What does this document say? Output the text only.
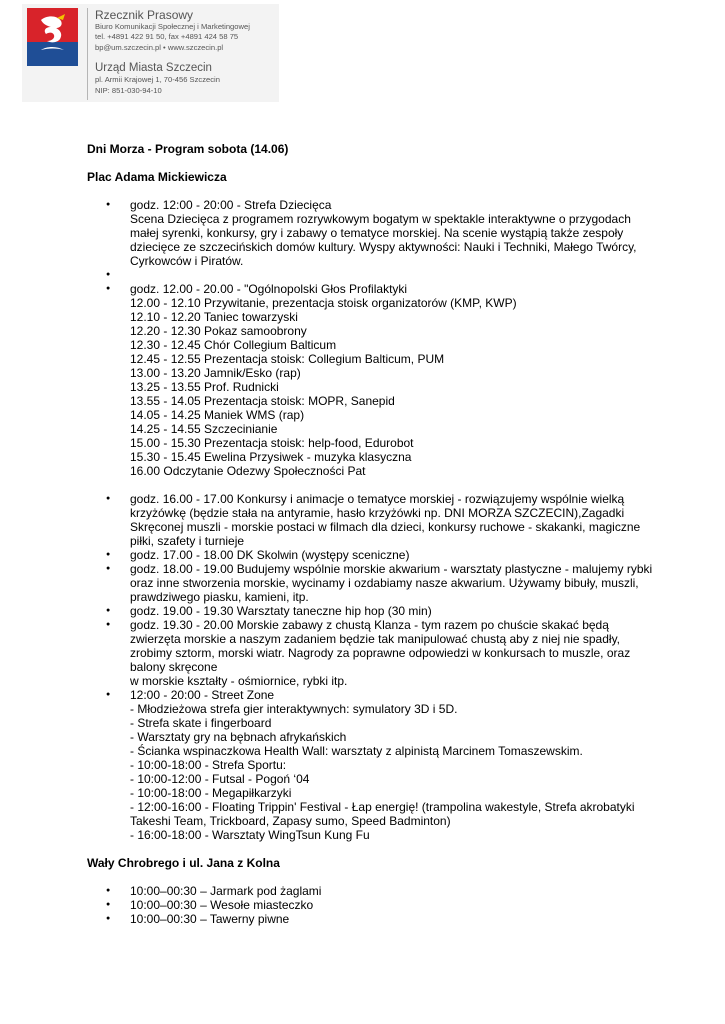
Rzecznik Prasowy
Biuro Komunikacji Społecznej i Marketingowej
tel. +4891 422 91 50, fax +4891 424 58 75
bp@um.szczecin.pl • www.szczecin.pl
Urząd Miasta Szczecin
pl. Armii Krajowej 1, 70-456 Szczecin
NIP: 851-030-94-10

Dni Morza - Program sobota (14.06)

Plac Adama Mickiewicza

● godz. 12:00 - 20:00 - Strefa Dziecięca
Scena Dziecięca z programem rozrywkowym bogatym w spektakle interaktywne o przygodach małej syrenki, konkursy, gry i zabawy o tematyce morskiej. Na scenie wystąpią także zespoły dziecięce ze szczecińskich domów kultury. Wyspy aktywności: Nauki i Techniki, Małego Twórcy, Cyrkowców i Piratów.
●

● godz. 12.00 - 20.00 - "Ogólnopolski Głos Profilaktyki
12.00 - 12.10 Przywitanie, prezentacja stoisk organizatorów (KMP, KWP)
12.10 - 12.20 Taniec towarzyski
12.20 - 12.30 Pokaz samoobrony
12.30 - 12.45 Chór Collegium Balticum
12.45 - 12.55 Prezentacja stoisk: Collegium Balticum, PUM
13.00 - 13.20 Jamnik/Esko (rap)
13.25 - 13.55 Prof. Rudnicki
13.55 - 14.05 Prezentacja stoisk: MOPR, Sanepid
14.05 - 14.25 Maniek WMS (rap)
14.25 - 14.55 Szczecinianie
15.00 - 15.30 Prezentacja stoisk: help-food, Edurobot
15.30 - 15.45 Ewelina Przysiwek - muzyka klasyczna
16.00 Odczytanie Odezwy Społeczności Pat
● godz. 16.00 - 17.00 Konkursy i animacje o tematyce morskiej - rozwiązujemy wspólnie wielką krzyżówkę (będzie stała na antyramie, hasło krzyżówki np. DNI MORZA SZCZECIN),Zagadki Skręconej muszli - morskie postaci w filmach dla dzieci, konkursy ruchowe - skakanki, magiczne piłki, szafety i turnieje
● godz. 17.00 - 18.00 DK Skolwin (występy sceniczne)
● godz. 18.00 - 19.00 Budujemy wspólnie morskie akwarium - warsztaty plastyczne - malujemy rybki oraz inne stworzenia morskie, wycinamy i ozdabiamy nasze akwarium. Używamy bibuły, muszli, prawdziwego piasku, kamieni, itp.
● godz. 19.00 - 19.30 Warsztaty taneczne hip hop (30 min)
● godz. 19.30 - 20.00 Morskie zabawy z chustą Klanza - tym razem po chuście skakać będą zwierzęta morskie a naszym zadaniem będzie tak manipulować chustą aby z niej nie spadły, zrobimy sztorm, morski wiatr. Nagrody za poprawne odpowiedzi w konkursach to muszle, oraz balony skręcone
w morskie kształty - ośmiornice, rybki itp.
● 12:00 - 20:00 - Street Zone
- Młodzieżowa strefa gier interaktywnych: symulatory 3D i 5D.
- Strefa skate i fingerboard
- Warsztaty gry na bębnach afrykańskich
- Ścianka wspinaczkowa Health Wall: warsztaty z alpinistą Marcinem Tomaszewskim.
- 10:00-18:00 - Strefa Sportu:
- 10:00-12:00 - Futsal - Pogoń ‘04
- 10:00-18:00 - Megapiłkarzyki
- 12:00-16:00 - Floating Trippin' Festival - Łap energię! (trampolina wakestyle, Strefa akrobatyki Takeshi Team, Trickboard, Zapasy sumo, Speed Badminton)
- 16:00-18:00 - Warsztaty WingTsun Kung Fu

Wały Chrobrego i ul. Jana z Kolna

● 10:00–00:30 – Jarmark pod żaglami
● 10:00–00:30 – Wesołe miasteczko
● 10:00–00:30 – Tawerny piwne
